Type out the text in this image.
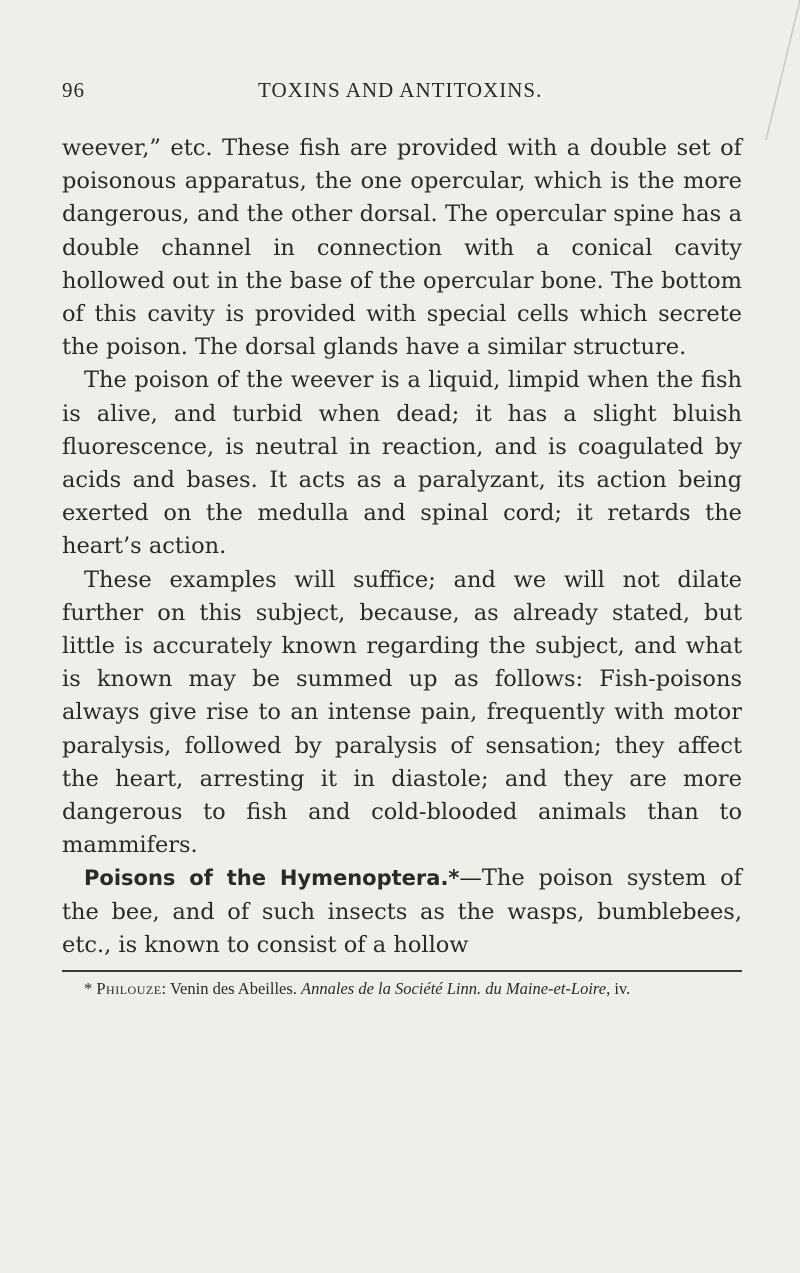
96	TOXINS AND ANTITOXINS.

weever,” etc. These fish are provided with a double set of poisonous apparatus, the one opercular, which is the more dangerous, and the other dorsal. The opercular spine has a double channel in connection with a conical cavity hollowed out in the base of the opercular bone. The bottom of this cavity is provided with special cells which secrete the poison. The dorsal glands have a similar structure.

The poison of the weever is a liquid, limpid when the fish is alive, and turbid when dead; it has a slight bluish fluorescence, is neutral in reaction, and is coagulated by acids and bases. It acts as a paralyzant, its action being exerted on the medulla and spinal cord; it retards the heart’s action.

These examples will suffice; and we will not dilate further on this subject, because, as already stated, but little is accurately known regarding the subject, and what is known may be summed up as follows: Fish-poisons always give rise to an intense pain, frequently with motor paralysis, followed by paralysis of sensation; they affect the heart, arresting it in diastole; and they are more dangerous to fish and cold-blooded animals than to mammifers.

Poisons of the Hymenoptera.*—The poison system of the bee, and of such insects as the wasps, bumblebees, etc., is known to consist of a hollow

* Philouze: Venin des Abeilles. Annales de la Société Linn. du Maine-et-Loire, iv.
